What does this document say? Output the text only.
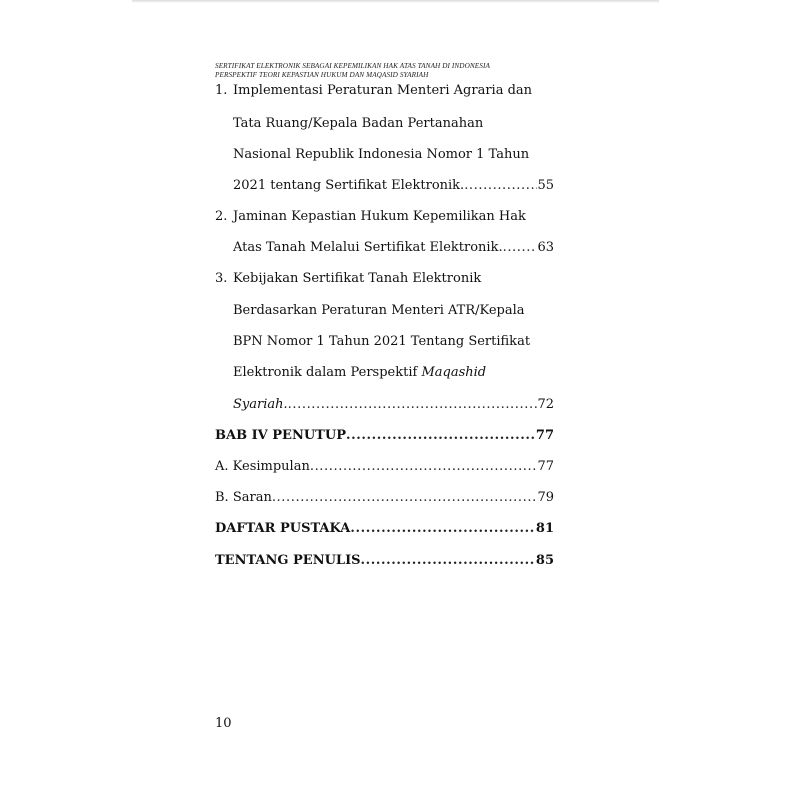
SERTIFIKAT ELEKTRONIK SEBAGAI KEPEMILIKAN HAK ATAS TANAH DI INDONESIA
PERSPEKTIF TEORI KEPASTIAN HUKUM DAN MAQASID SYARIAH
1. Implementasi Peraturan Menteri Agraria dan
Tata Ruang/Kepala Badan Pertanahan
Nasional Republik Indonesia Nomor 1 Tahun
2021 tentang Sertifikat Elektronik. .....	55
2. Jaminan Kepastian Hukum Kepemilikan Hak
Atas Tanah Melalui Sertifikat Elektronik. .....	63
3. Kebijakan Sertifikat Tanah Elektronik
Berdasarkan Peraturan Menteri ATR/Kepala
BPN Nomor 1 Tahun 2021 Tentang Sertifikat
Elektronik dalam Perspektif Maqashid
Syariah. .....	72
BAB IV PENUTUP .....	77
A. Kesimpulan .....	77
B. Saran .....	79
DAFTAR PUSTAKA .....	81
TENTANG PENULIS .....	85
10
